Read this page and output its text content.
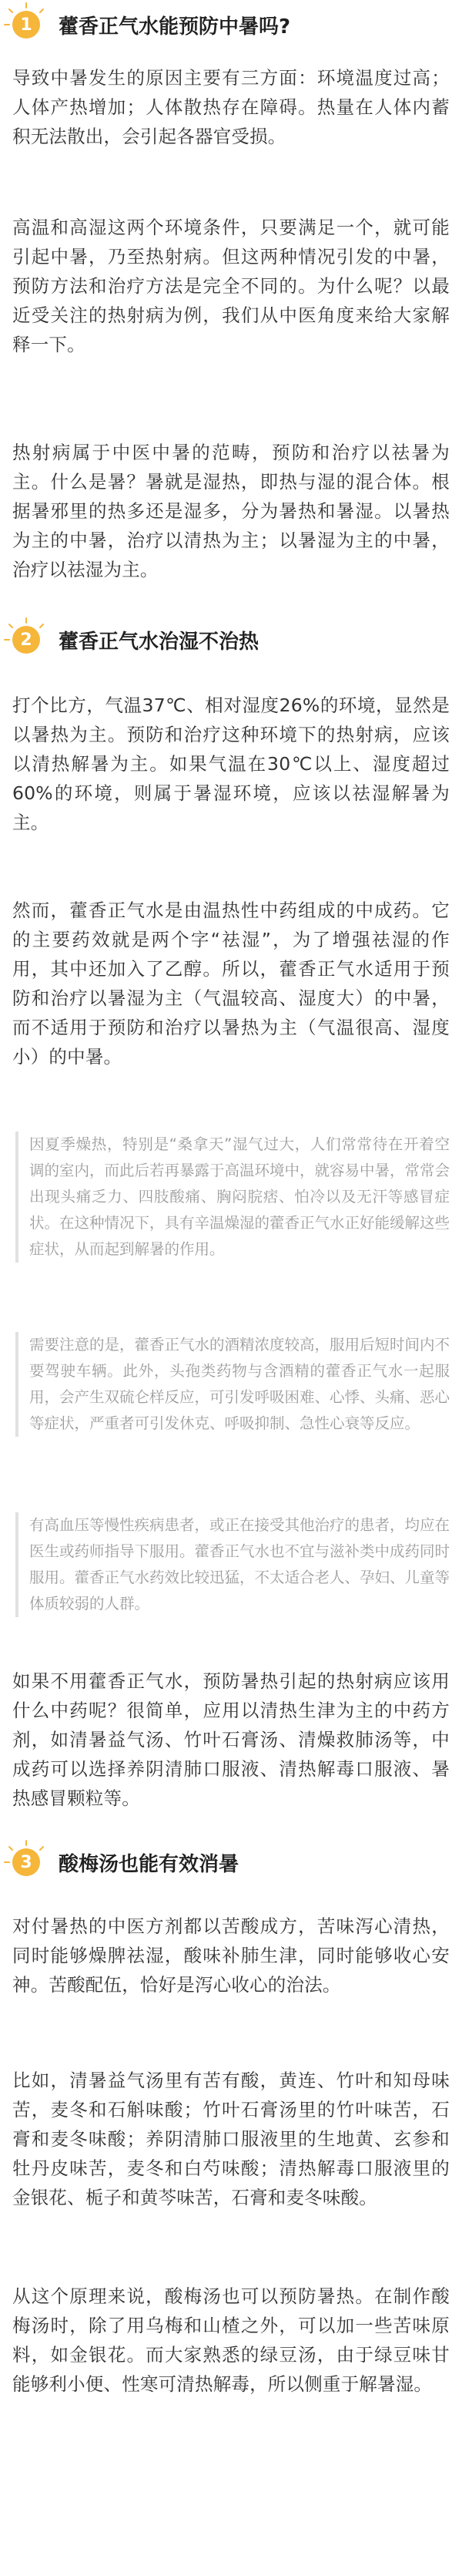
1	藿香正气水能预防中暑吗?

导致中暑发生的原因主要有三方面：环境温度过高；人体产热增加；人体散热存在障碍。热量在人体内蓄积无法散出，会引起各器官受损。

高温和高湿这两个环境条件，只要满足一个，就可能引起中暑，乃至热射病。但这两种情况引发的中暑，预防方法和治疗方法是完全不同的。为什么呢？以最近受关注的热射病为例，我们从中医角度来给大家解释一下。

热射病属于中医中暑的范畴，预防和治疗以祛暑为主。什么是暑？暑就是湿热，即热与湿的混合体。根据暑邪里的热多还是湿多，分为暑热和暑湿。以暑热为主的中暑，治疗以清热为主；以暑湿为主的中暑，治疗以祛湿为主。

2	藿香正气水治湿不治热

打个比方，气温37℃、相对湿度26%的环境，显然是以暑热为主。预防和治疗这种环境下的热射病，应该以清热解暑为主。如果气温在30℃以上、湿度超过60%的环境，则属于暑湿环境，应该以祛湿解暑为主。

然而，藿香正气水是由温热性中药组成的中成药。它的主要药效就是两个字“祛湿”，为了增强祛湿的作用，其中还加入了乙醇。所以，藿香正气水适用于预防和治疗以暑湿为主（气温较高、湿度大）的中暑，而不适用于预防和治疗以暑热为主（气温很高、湿度小）的中暑。

因夏季燥热，特别是“桑拿天”湿气过大，人们常常待在开着空调的室内，而此后若再暴露于高温环境中，就容易中暑，常常会出现头痛乏力、四肢酸痛、胸闷脘痞、怕冷以及无汗等感冒症状。在这种情况下，具有辛温燥湿的藿香正气水正好能缓解这些症状，从而起到解暑的作用。

需要注意的是，藿香正气水的酒精浓度较高，服用后短时间内不要驾驶车辆。此外，头孢类药物与含酒精的藿香正气水一起服用，会产生双硫仑样反应，可引发呼吸困难、心悸、头痛、恶心等症状，严重者可引发休克、呼吸抑制、急性心衰等反应。

有高血压等慢性疾病患者，或正在接受其他治疗的患者，均应在医生或药师指导下服用。藿香正气水也不宜与滋补类中成药同时服用。藿香正气水药效比较迅猛，不太适合老人、孕妇、儿童等体质较弱的人群。

如果不用藿香正气水，预防暑热引起的热射病应该用什么中药呢？很简单，应用以清热生津为主的中药方剂，如清暑益气汤、竹叶石膏汤、清燥救肺汤等，中成药可以选择养阴清肺口服液、清热解毒口服液、暑热感冒颗粒等。

3	酸梅汤也能有效消暑

对付暑热的中医方剂都以苦酸成方，苦味泻心清热，同时能够燥脾祛湿，酸味补肺生津，同时能够收心安神。苦酸配伍，恰好是泻心收心的治法。

比如，清暑益气汤里有苦有酸，黄连、竹叶和知母味苦，麦冬和石斛味酸；竹叶石膏汤里的竹叶味苦，石膏和麦冬味酸；养阴清肺口服液里的生地黄、玄参和牡丹皮味苦，麦冬和白芍味酸；清热解毒口服液里的金银花、栀子和黄芩味苦，石膏和麦冬味酸。

从这个原理来说，酸梅汤也可以预防暑热。在制作酸梅汤时，除了用乌梅和山楂之外，可以加一些苦味原料，如金银花。而大家熟悉的绿豆汤，由于绿豆味甘能够利小便、性寒可清热解毒，所以侧重于解暑湿。
